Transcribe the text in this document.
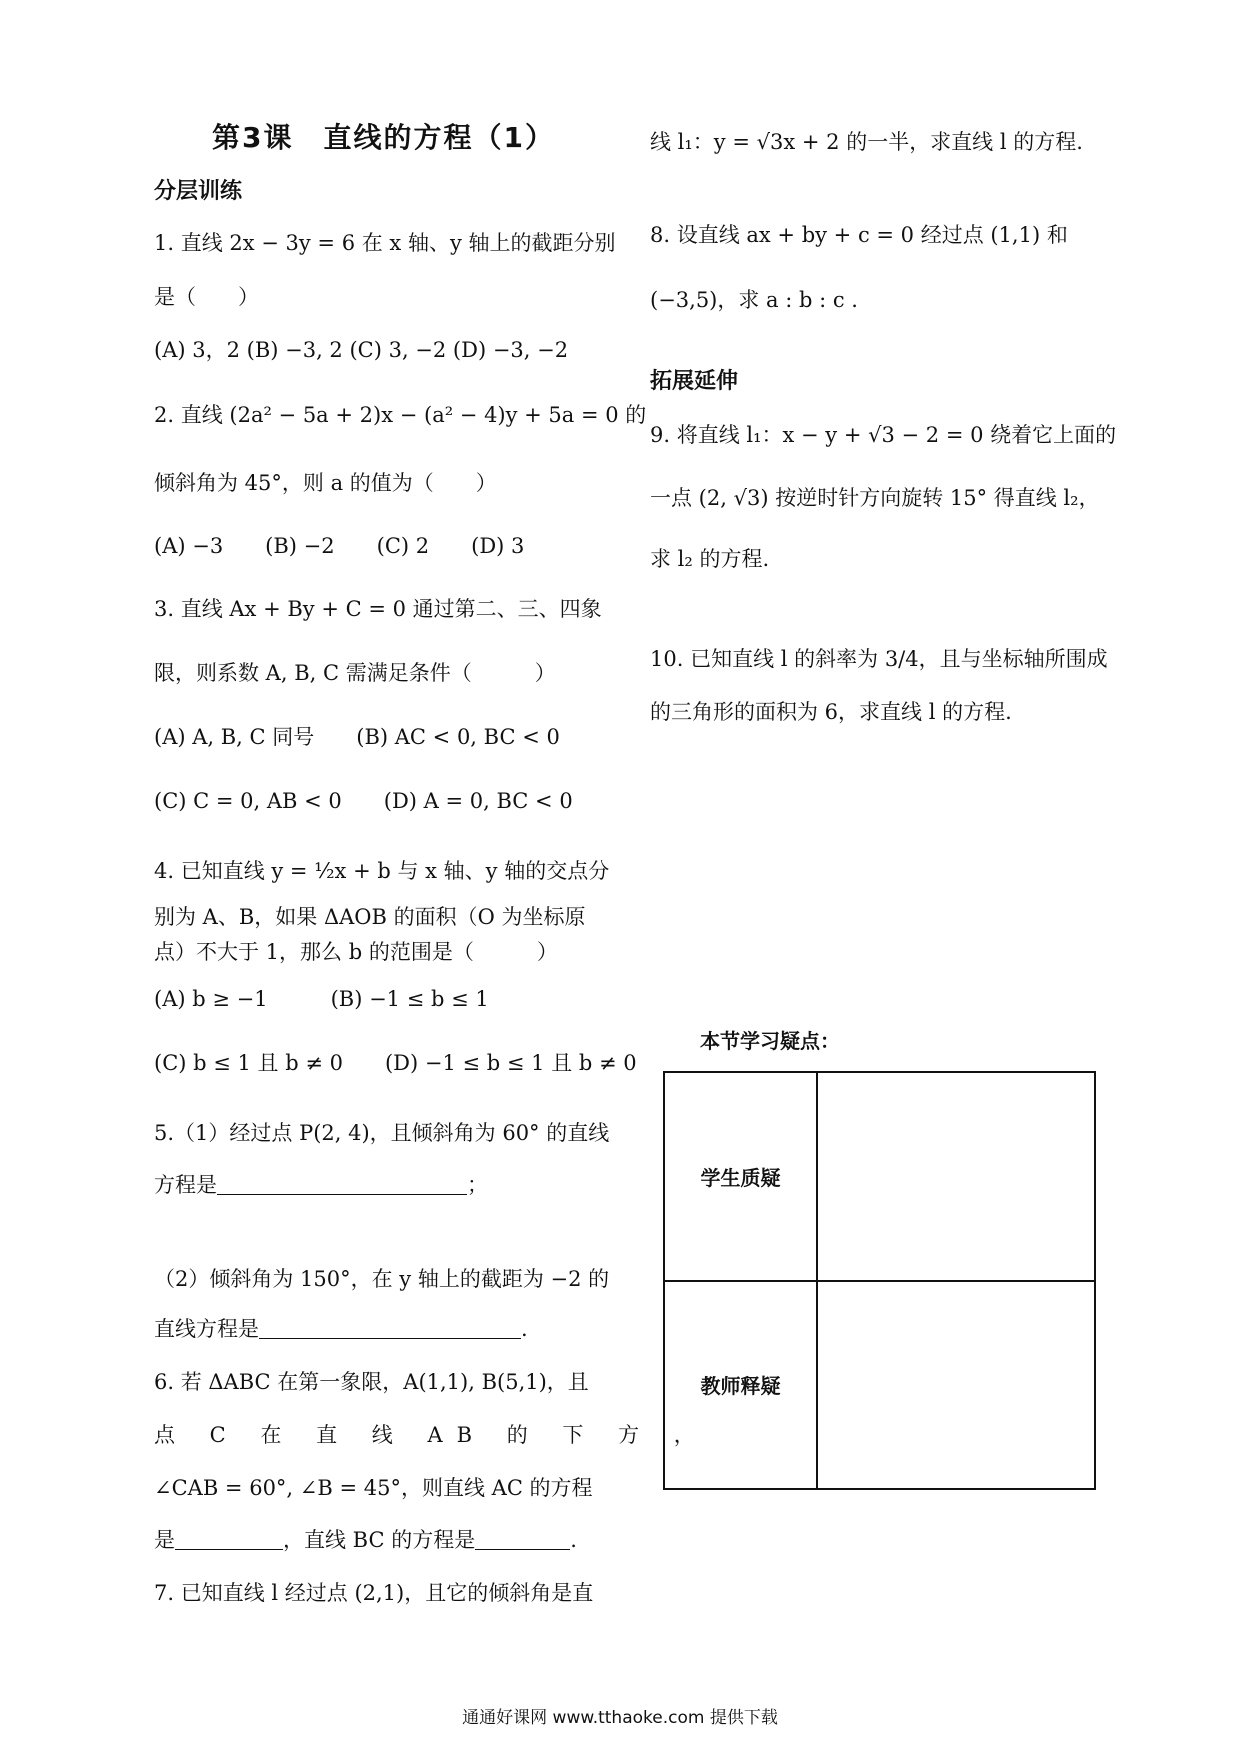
第3课　直线的方程（1）
分层训练
1. 直线 2x − 3y = 6 在 x 轴、y 轴上的截距分别
是（　　）
(A) 3，2 (B) −3, 2 (C) 3, −2 (D) −3, −2
2. 直线 (2a² − 5a + 2)x − (a² − 4)y + 5a = 0 的
倾斜角为 45°，则 a 的值为（　　）
(A) −3　　(B) −2　　(C) 2　　(D) 3
3. 直线 Ax + By + C = 0 通过第二、三、四象
限，则系数 A, B, C 需满足条件（　　　）
(A) A, B, C 同号　　(B) AC < 0, BC < 0
(C) C = 0, AB < 0　　(D) A = 0, BC < 0
4. 已知直线 y = ½x + b 与 x 轴、y 轴的交点分
别为 A、B，如果 ΔAOB 的面积（O 为坐标原
点）不大于 1，那么 b 的范围是（　　　）
(A) b ≥ −1　　　(B) −1 ≤ b ≤ 1
(C) b ≤ 1 且 b ≠ 0　　(D) −1 ≤ b ≤ 1 且 b ≠ 0
5.（1）经过点 P(2, 4)，且倾斜角为 60° 的直线
方程是	；
（2）倾斜角为 150°，在 y 轴上的截距为 −2 的
直线方程是	.
6. 若 ΔABC 在第一象限，A(1,1), B(5,1)，且
点 C 在 直 线 AB 的 下 方 ，
∠CAB = 60°, ∠B = 45°，则直线 AC 的方程
是	，直线 BC 的方程是	.
7. 已知直线 l 经过点 (2,1)，且它的倾斜角是直
线 l₁：y = √3x + 2 的一半，求直线 l 的方程.
8. 设直线 ax + by + c = 0 经过点 (1,1) 和
(−3,5)，求 a : b : c .
拓展延伸
9. 将直线 l₁：x − y + √3 − 2 = 0 绕着它上面的
一点 (2, √3) 按逆时针方向旋转 15° 得直线 l₂，
求 l₂ 的方程.
10. 已知直线 l 的斜率为 3/4，且与坐标轴所围成
的三角形的面积为 6，求直线 l 的方程.
本节学习疑点：
学生质疑	
教师释疑	
通通好课网 www.tthaoke.com 提供下载
